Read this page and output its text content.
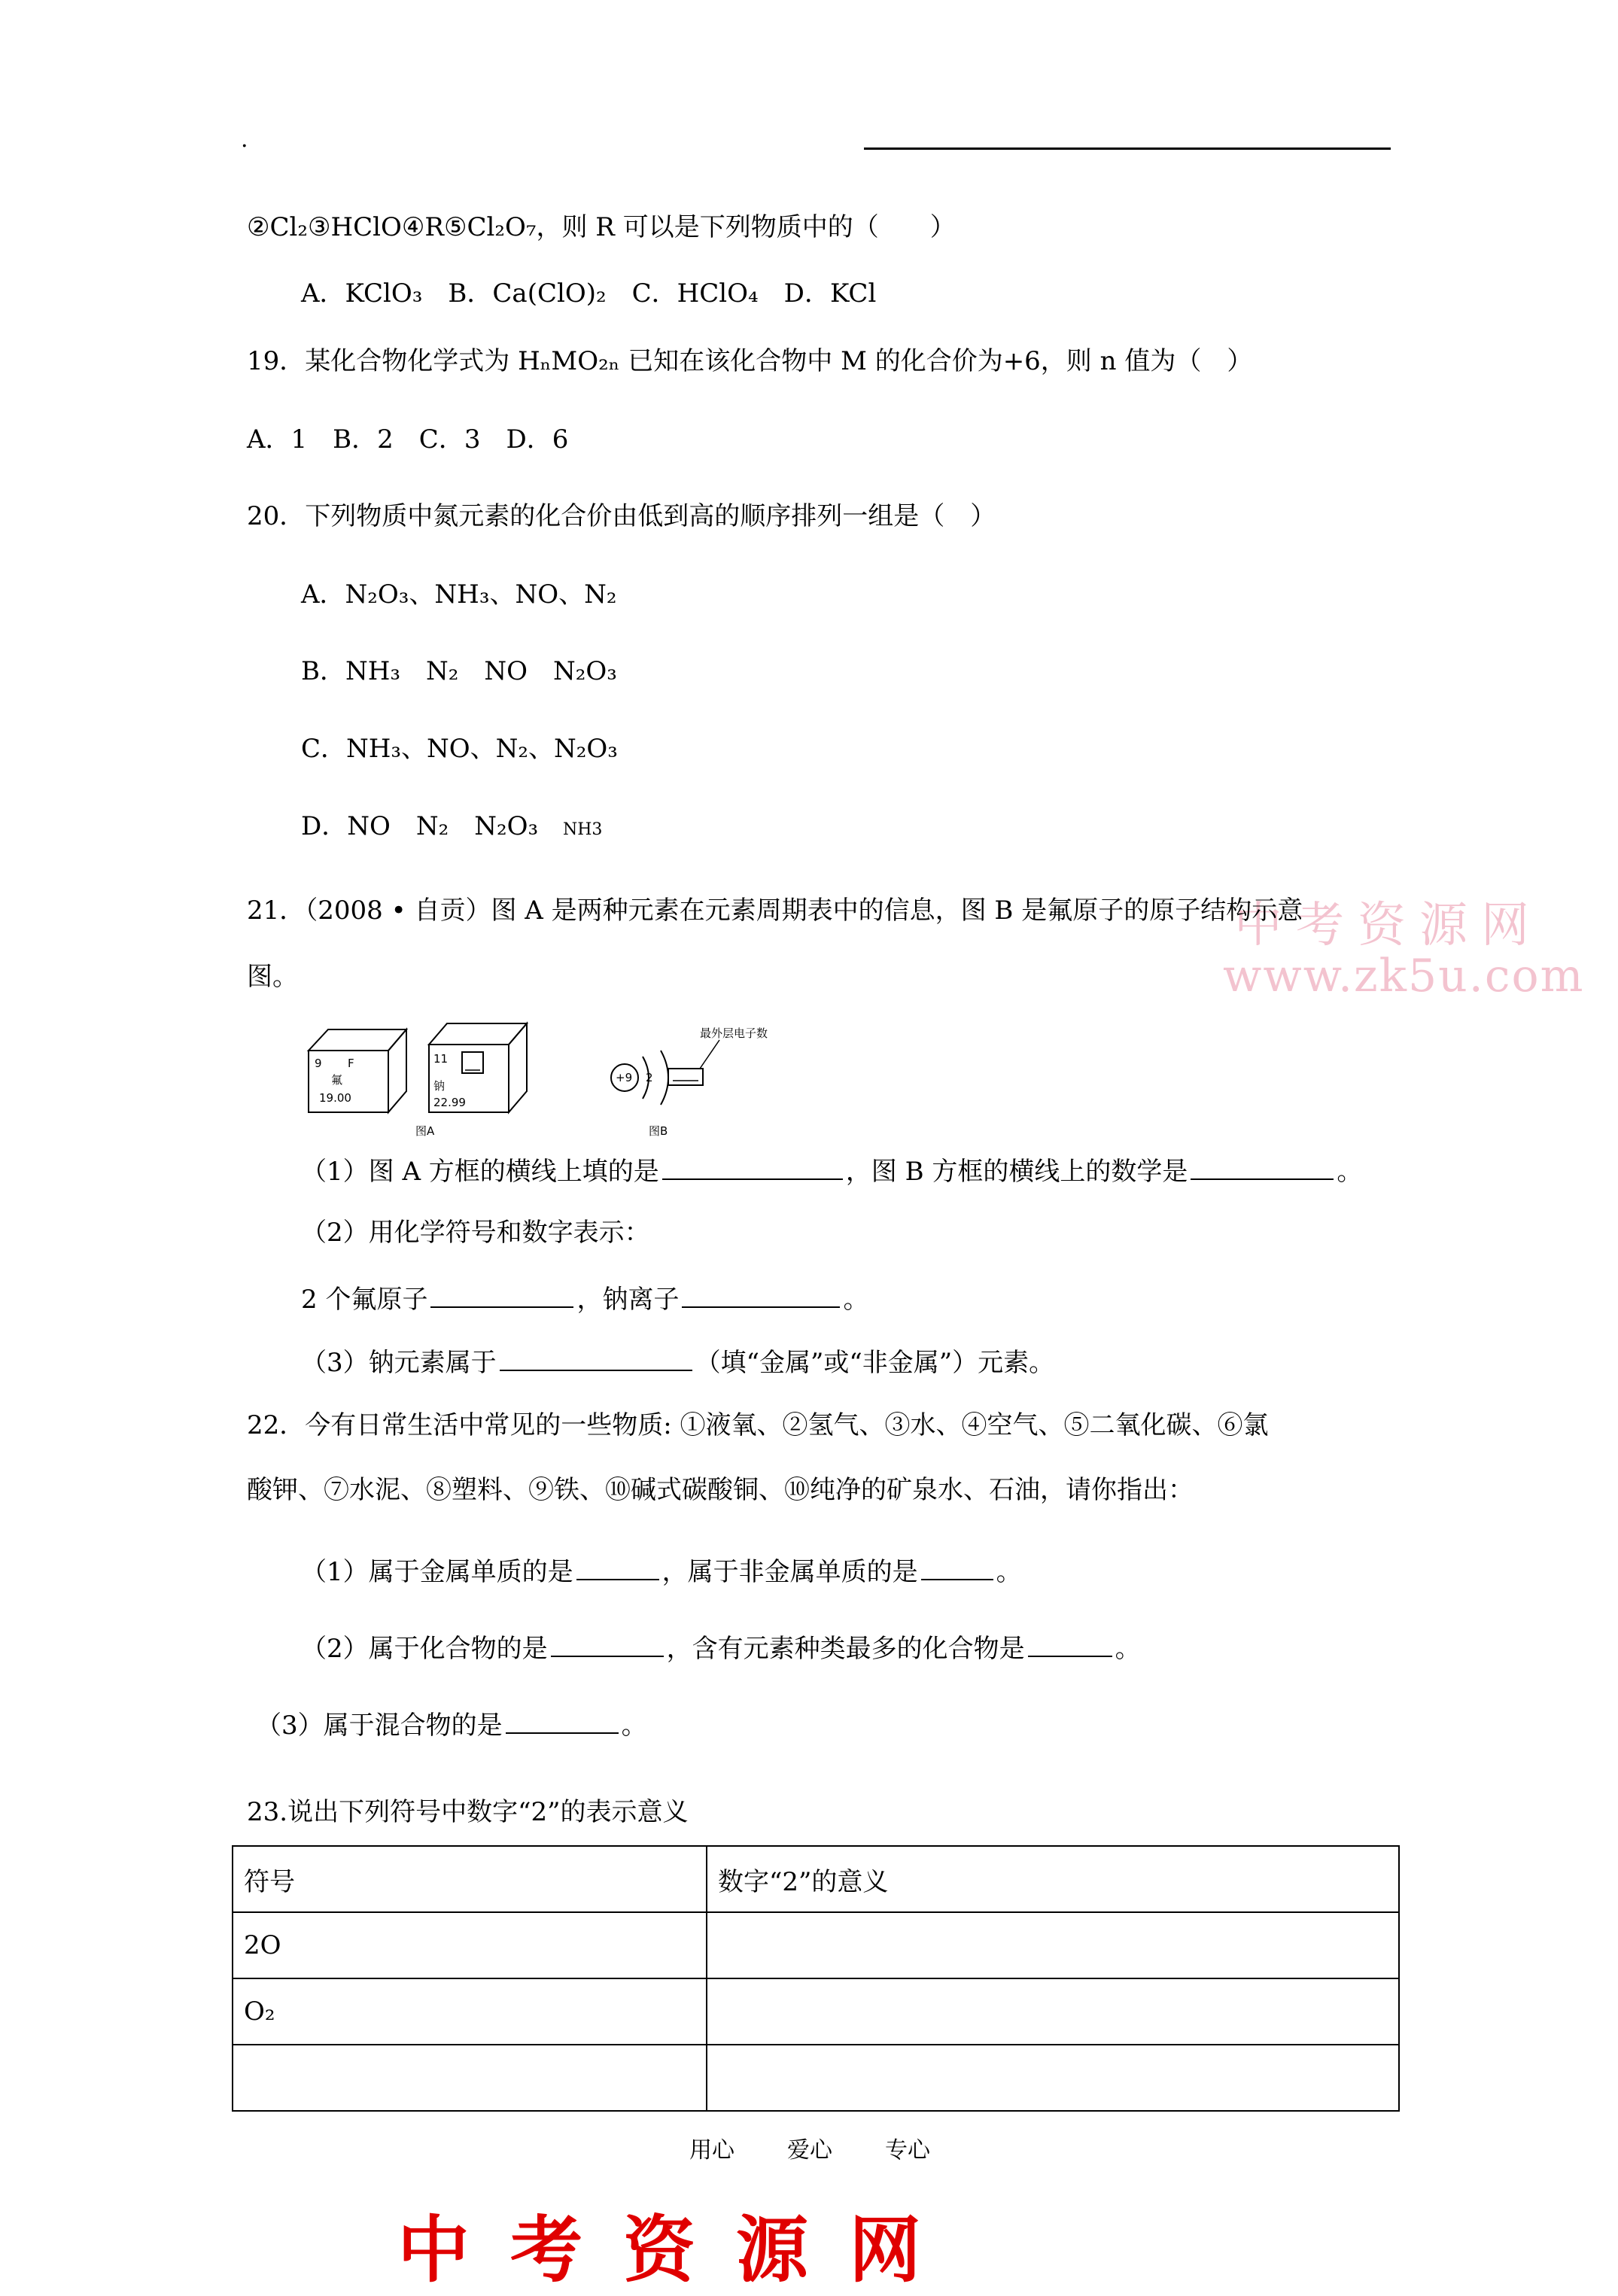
.
②Cl₂③HClO④R⑤Cl₂O₇，则 R 可以是下列物质中的（　　）
A．KClO₃　B．Ca(ClO)₂　C．HClO₄　D．KCl
19．某化合物化学式为 HₙMO₂ₙ 已知在该化合物中 M 的化合价为+6，则 n 值为（　）
A．1　B．2　C．3　D．6
20．下列物质中氮元素的化合价由低到高的顺序排列一组是（　）
A．N₂O₃、NH₃、NO、N₂
B．NH₃　N₂　NO　N₂O₃
C．NH₃、NO、N₂、N₂O₃
D．NO　N₂　N₂O₃ NH3
中考资源网
www.zk5u.com
21．（2008 • 自贡）图 A 是两种元素在元素周期表中的信息，图 B 是氟原子的原子结构示意
图。
9 F
氟
19.00
11
钠
22.99
+9 2
最外层电子数
图A	图B
（1）图 A 方框的横线上填的是	，图 B 方框的横线上的数学是	。
（2）用化学符号和数字表示：
2 个氟原子	，钠离子	。
（3）钠元素属于	（填“金属”或“非金属”）元素。
22．今有日常生活中常见的一些物质: ①液氧、②氢气、③水、④空气、⑤二氧化碳、⑥氯
酸钾、⑦水泥、⑧塑料、⑨铁、⑩碱式碳酸铜、⑩纯净的矿泉水、石油，请你指出：
（1）属于金属单质的是	，属于非金属单质的是	。
（2）属于化合物的是	，含有元素种类最多的化合物是	。
（3）属于混合物的是	。
23.说出下列符号中数字“2”的表示意义
符号	数字“2”的意义
2O	
O₂	

用心 爱心 专心
中考资源网
